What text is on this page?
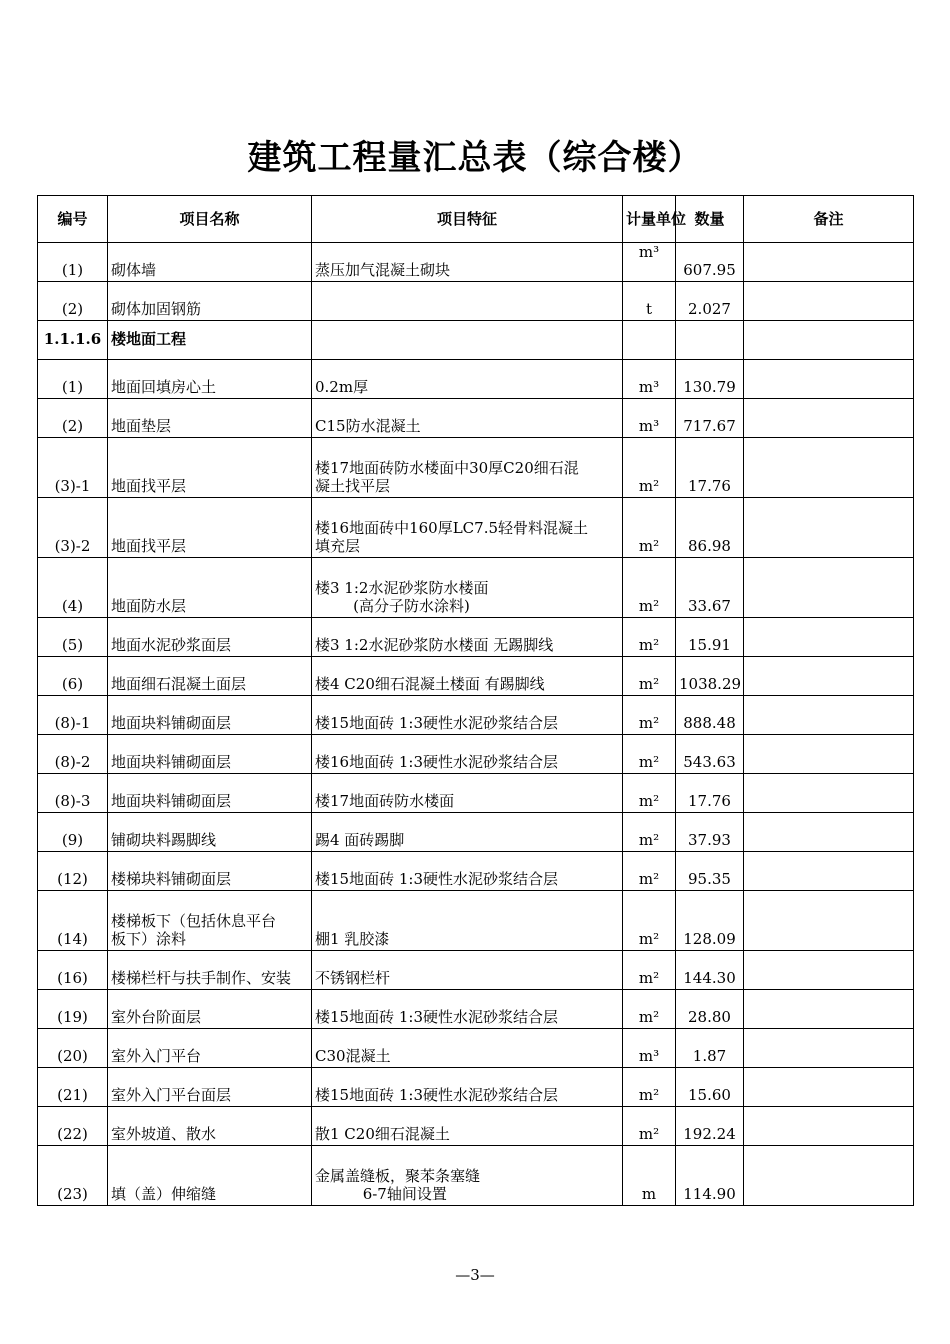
建筑工程量汇总表（综合楼）
编号	项目名称	项目特征	计量单位	数量	备注
(1)	砌体墙	蒸压加气混凝土砌块	m³	607.95	
(2)	砌体加固钢筋		t	2.027	
1.1.1.6	楼地面工程				
(1)	地面回填房心土	0.2m厚	m³	130.79	
(2)	地面垫层	C15防水混凝土	m³	717.67	
(3)-1	地面找平层	楼17地面砖防水楼面中30厚C20细石混
凝土找平层	m²	17.76	
(3)-2	地面找平层	楼16地面砖中160厚LC7.5轻骨料混凝土
填充层	m²	86.98	
(4)	地面防水层	楼3 1:2水泥砂浆防水楼面
(高分子防水涂料)	m²	33.67	
(5)	地面水泥砂浆面层	楼3 1:2水泥砂浆防水楼面 无踢脚线	m²	15.91	
(6)	地面细石混凝土面层	楼4 C20细石混凝土楼面 有踢脚线	m²	1038.29	
(8)-1	地面块料铺砌面层	楼15地面砖 1:3硬性水泥砂浆结合层	m²	888.48	
(8)-2	地面块料铺砌面层	楼16地面砖 1:3硬性水泥砂浆结合层	m²	543.63	
(8)-3	地面块料铺砌面层	楼17地面砖防水楼面	m²	17.76	
(9)	铺砌块料踢脚线	踢4 面砖踢脚	m²	37.93	
(12)	楼梯块料铺砌面层	楼15地面砖 1:3硬性水泥砂浆结合层	m²	95.35	
(14)	楼梯板下（包括休息平台
板下）涂料	棚1 乳胶漆	m²	128.09	
(16)	楼梯栏杆与扶手制作、安装	不锈钢栏杆	m²	144.30	
(19)	室外台阶面层	楼15地面砖 1:3硬性水泥砂浆结合层	m²	28.80	
(20)	室外入门平台	C30混凝土	m³	1.87	
(21)	室外入门平台面层	楼15地面砖 1:3硬性水泥砂浆结合层	m²	15.60	
(22)	室外坡道、散水	散1 C20细石混凝土	m²	192.24	
(23)	填（盖）伸缩缝	金属盖缝板，聚苯条塞缝
6-7轴间设置	m	114.90	
—3—
